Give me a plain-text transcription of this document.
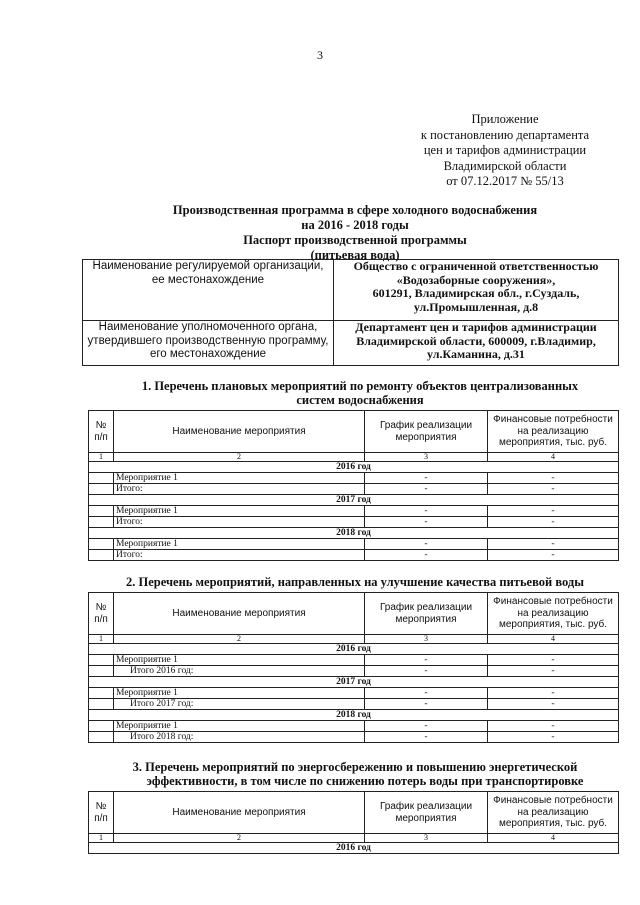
3
Приложение
к постановлению департамента
цен и тарифов администрации
Владимирской области
от 07.12.2017 № 55/13
Производственная программа в сфере холодного водоснабжения
на 2016 - 2018 годы
Паспорт производственной программы
(питьевая вода)
Наименование регулируемой организации, ее местонахождение	Общество с ограниченной ответственностью «Водозаборные сооружения»,
601291, Владимирская обл., г.Суздаль,
ул.Промышленная, д.8

Наименование уполномоченного органа, утвердившего производственную программу, его местонахождение	Департамент цен и тарифов администрации Владимирской области, 600009, г.Владимир,
ул.Каманина, д.31
1. Перечень плановых мероприятий по ремонту объектов централизованных
систем водоснабжения
№ п/п	Наименование мероприятия	График реализации мероприятия	Финансовые потребности на реализацию мероприятия, тыс. руб.
1	2	3	4
2016 год			
	Мероприятие 1	-	-
	Итого:	-	-
2017 год			
	Мероприятие 1	-	-
	Итого:	-	-
2018 год			
	Мероприятие 1	-	-
	Итого:	-	-
2. Перечень мероприятий, направленных на улучшение качества питьевой воды
№ п/п	Наименование мероприятия	График реализации мероприятия	Финансовые потребности на реализацию мероприятия, тыс. руб.
1	2	3	4
2016 год			
	Мероприятие 1	-	-
	Итого 2016 год:	-	-
2017 год			
	Мероприятие 1	-	-
	Итого 2017 год:	-	-
2018 год			
	Мероприятие 1	-	-
	Итого 2018 год:	-	-
3. Перечень мероприятий по энергосбережению и повышению энергетической
эффективности, в том числе по снижению потерь воды при транспортировке
№ п/п	Наименование мероприятия	График реализации мероприятия	Финансовые потребности на реализацию мероприятия, тыс. руб.
1	2	3	4
2016 год			
